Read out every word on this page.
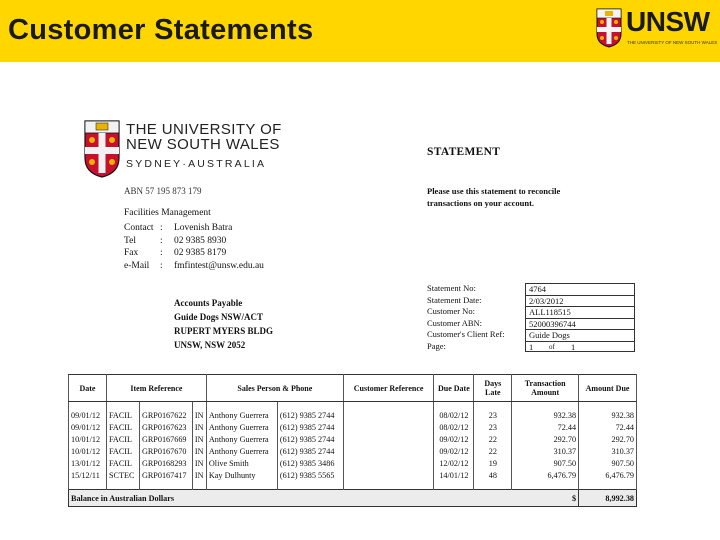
Customer Statements	UNSW
THE UNIVERSITY OF NEW SOUTH WALES
THE UNIVERSITY OF
NEW SOUTH WALES
SYDNEY·AUSTRALIA
ABN 57 195 873 179
Facilities Management
Contact :	Lovenish Batra
Tel	:	02 9385 8930
Fax	:	02 9385 8179
e-Mail	:	fmfintest@unsw.edu.au
STATEMENT
Please use this statement to reconcile transactions on your account.
Accounts Payable
Guide Dogs NSW/ACT
RUPERT MYERS BLDG
UNSW, NSW 2052
Statement No:	4764
Statement Date:	2/03/2012
Customer No:	ALL118515
Customer ABN:	52000396744
Customer's Client Ref:	Guide Dogs
Page:	1	of	1
Date	Item Reference			Sales Person & Phone		Customer Reference	Due Date	Days Late	Transaction Amount	Amount Due

09/01/12	FACIL	GRP0167622	IN	Anthony Guerrera	(612) 9385 2744		08/02/12	23	932.38	932.38
09/01/12	FACIL	GRP0167623	IN	Anthony Guerrera	(612) 9385 2744		08/02/12	23	72.44	72.44
10/01/12	FACIL	GRP0167669	IN	Anthony Guerrera	(612) 9385 2744		09/02/12	22	292.70	292.70
10/01/12	FACIL	GRP0167670	IN	Anthony Guerrera	(612) 9385 2744		09/02/12	22	310.37	310.37
13/01/12	FACIL	GRP0168293	IN	Olive Smith	(612) 9385 3486		12/02/12	19	907.50	907.50
15/12/11	SCTEC	GRP0167417	IN	Kay Dulhunty	(612) 9385 5565		14/01/12	48	6,476.79	6,476.79
Balance in Australian Dollars									$	8,992.38
